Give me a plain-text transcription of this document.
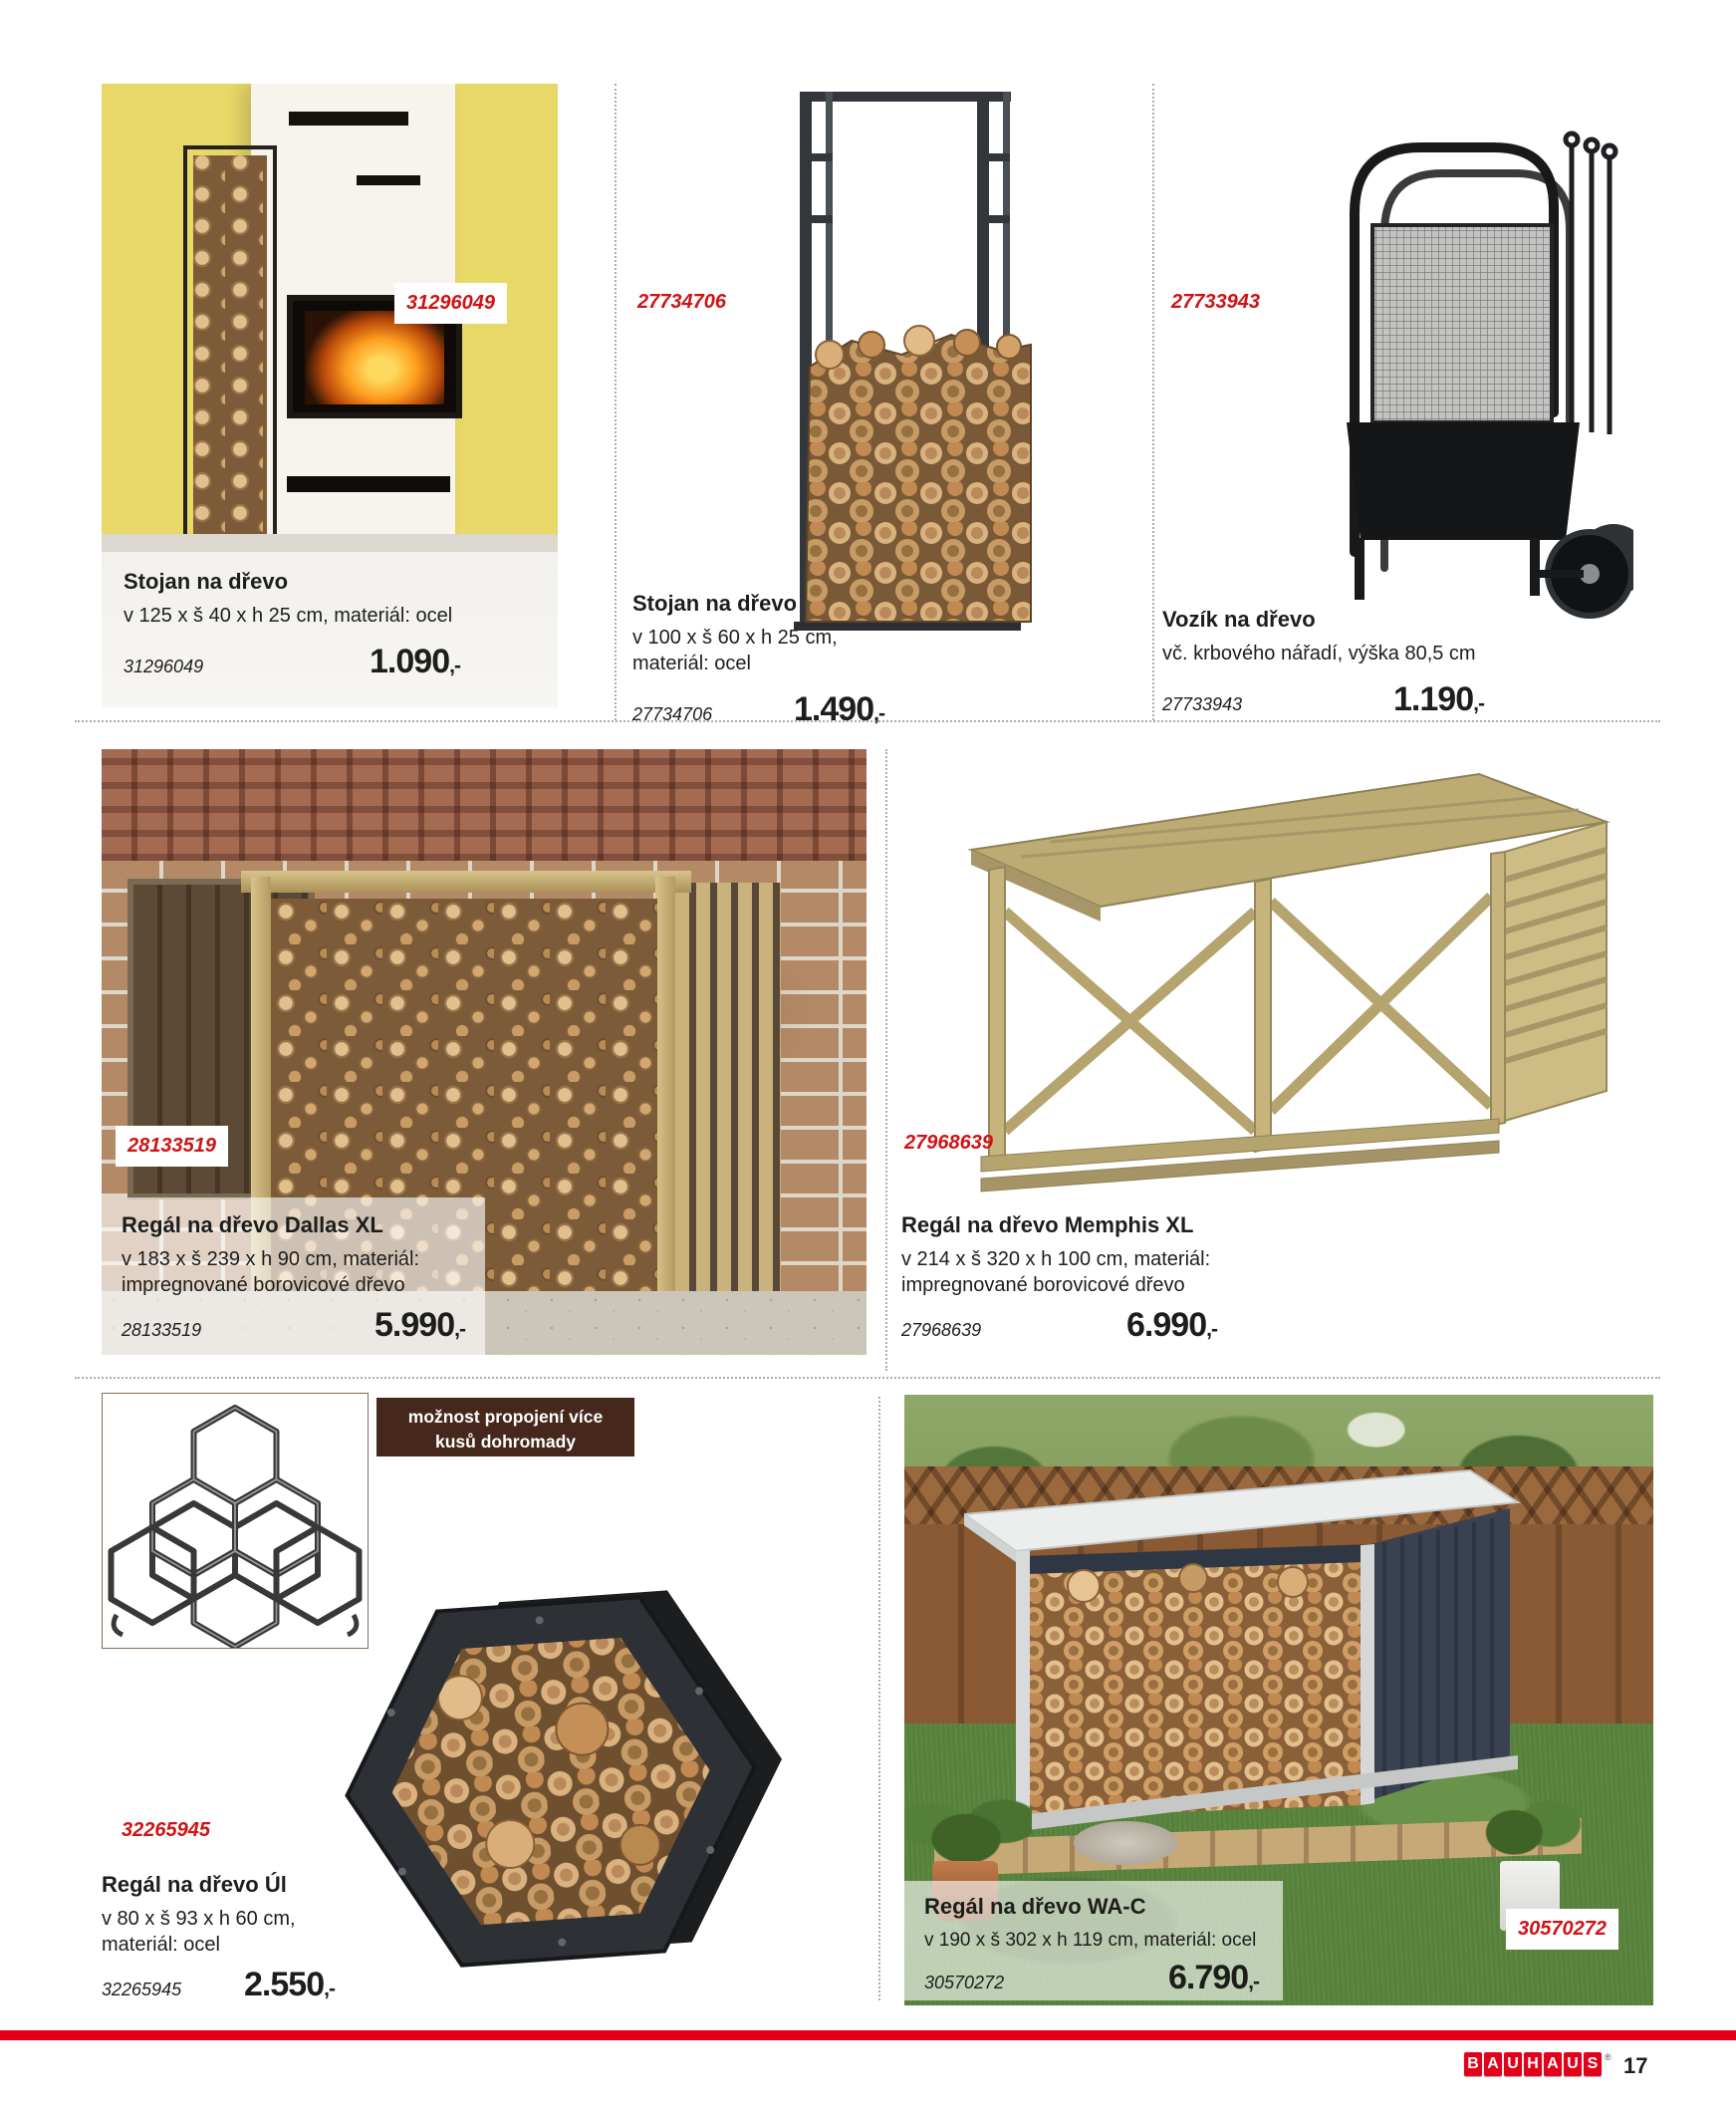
31296049
Stojan na dřevo
v 125 x š 40 x h 25 cm, materiál: ocel
31296049	1.090,-
27734706
Stojan na dřevo
v 100 x š 60 x h 25 cm, materiál: ocel
27734706 1.490,-
27733943
Vozík na dřevo
vč. krbového nářadí, výška 80,5 cm
27733943	1.190,-
28133519
Regál na dřevo Dallas XL
v 183 x š 239 x h 90 cm, materiál: impregnované borovicové dřevo
28133519	5.990,-
27968639
Regál na dřevo Memphis XL
v 214 x š 320 x h 100 cm, materiál: impregnované borovicové dřevo
27968639	6.990,-
možnost propojení více
kusů dohromady
32265945
Regál na dřevo Úl
v 80 x š 93 x h 60 cm, materiál: ocel
32265945 2.550,-
30570272
Regál na dřevo WA-C
v 190 x š 302 x h 119 cm, materiál: ocel
30570272	6.790,-
B A U H A U S ® 17
